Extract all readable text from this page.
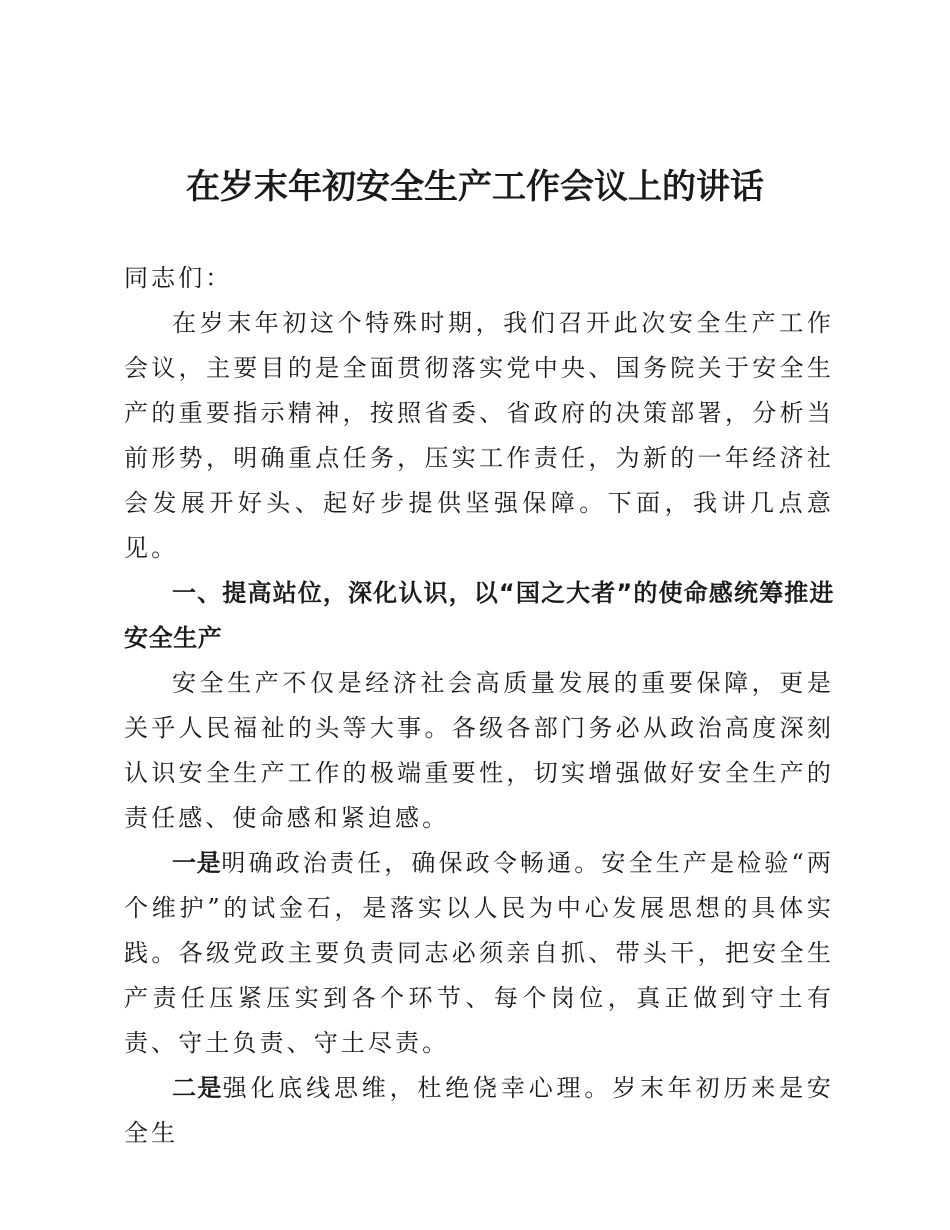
在岁末年初安全生产工作会议上的讲话

同志们：

在岁末年初这个特殊时期，我们召开此次安全生产工作会议，主要目的是全面贯彻落实党中央、国务院关于安全生产的重要指示精神，按照省委、省政府的决策部署，分析当前形势，明确重点任务，压实工作责任，为新的一年经济社会发展开好头、起好步提供坚强保障。下面，我讲几点意见。

一、提高站位，深化认识，以“国之大者”的使命感统筹推进安全生产

安全生产不仅是经济社会高质量发展的重要保障，更是关乎人民福祉的头等大事。各级各部门务必从政治高度深刻认识安全生产工作的极端重要性，切实增强做好安全生产的责任感、使命感和紧迫感。

一是明确政治责任，确保政令畅通。安全生产是检验“两个维护”的试金石，是落实以人民为中心发展思想的具体实践。各级党政主要负责同志必须亲自抓、带头干，把安全生产责任压紧压实到各个环节、每个岗位，真正做到守土有责、守土负责、守土尽责。

二是强化底线思维，杜绝侥幸心理。岁末年初历来是安全生
